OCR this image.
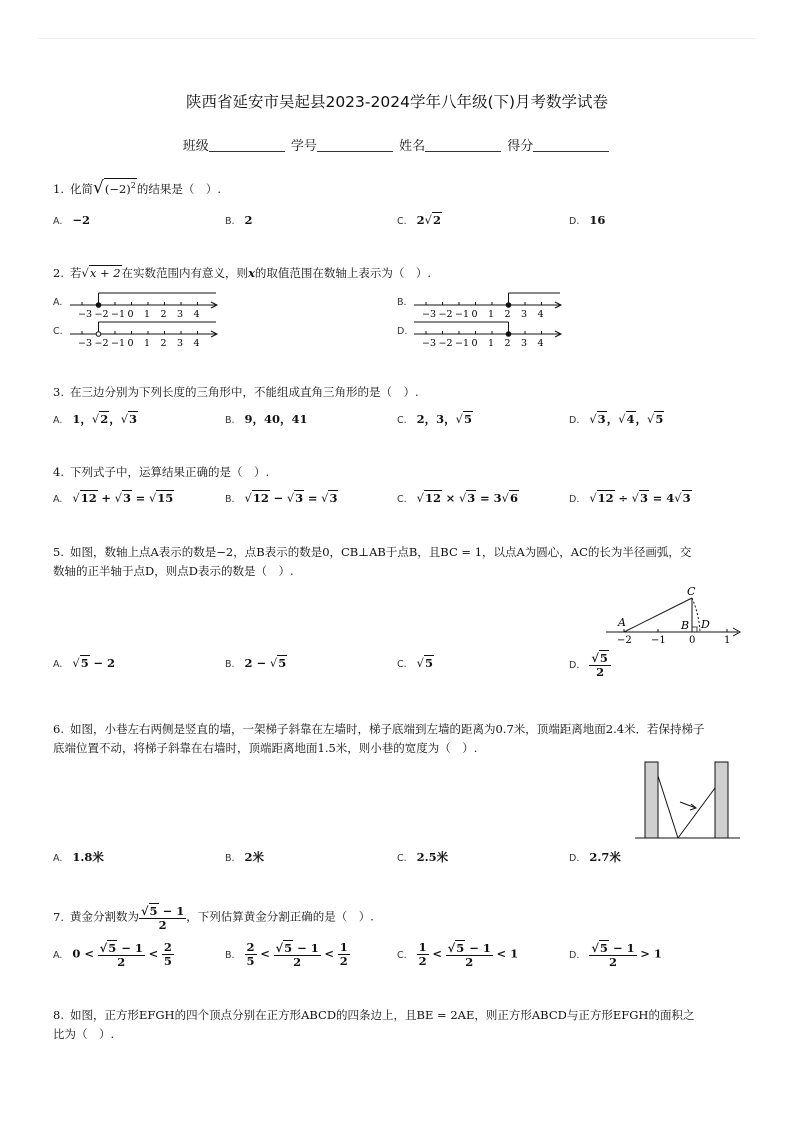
陕西省延安市吴起县2023-2024学年八年级(下)月考数学试卷
班级	学号	姓名	得分
1. 化简$√(-2)^2$的结果是（　）.
A. −2	B. 2	C. 2√2	D. 16
2. 若√x + 2在实数范围内有意义，则x的取值范围在数轴上表示为（　）.
A.
C.
B.
D.
−3 −2 −1 0 1 2 3 4
−3 −2 −1 0 1 2 3 4
−3 −2 −1 0 1 2 3 4
−3 −2 −1 0 1 2 3 4
3. 在三边分别为下列长度的三角形中，不能组成直角三角形的是（　）.
A. 1，√2，√3	B. 9，40，41	C. 2，3，√5	D. √3，√4，√5
4. 下列式子中，运算结果正确的是（　）.
A. √12 + √3 = √15	B. √12 − √3 = √3	C. √12 × √3 = 3√6	D. √12 ÷ √3 = 4√3
5. 如图，数轴上点A表示的数是−2，点B表示的数是0，CB⊥AB于点B，且BC = 1，以点A为圆心，AC的长为半径画弧，交
数轴的正半轴于点D，则点D表示的数是（　）.
A
C
B D
−2 −1 0	1
A. √5 − 2	B. 2 − √5	C. √5	D. $\frac{√5}{2}$
6. 如图，小巷左右两侧是竖直的墙，一架梯子斜靠在左墙时，梯子底端到左墙的距离为0.7米，顶端距离地面2.4米．若保持梯子
底端位置不动，将梯子斜靠在右墙时，顶端距离地面1.5米，则小巷的宽度为（　）.
A. 1.8米	B. 2米	C. 2.5米	D. 2.7米
7. 黄金分割数为 $\frac{√5 - 1}{2}$ ，下列估算黄金分割正确的是（　）.
A. $0 < \frac{√5 - 1}{2} < \frac{2}{5}$	B. $\frac{2}{5} < \frac{√5 - 1}{2} < \frac{1}{2}$	C. $\frac{1}{2} < \frac{√5 - 1}{2} < 1$	D. $\frac{√5 - 1}{2} > 1$
8. 如图，正方形EFGH的四个顶点分别在正方形ABCD的四条边上，且BE = 2AE，则正方形ABCD与正方形EFGH的面积之
比为（　）.
